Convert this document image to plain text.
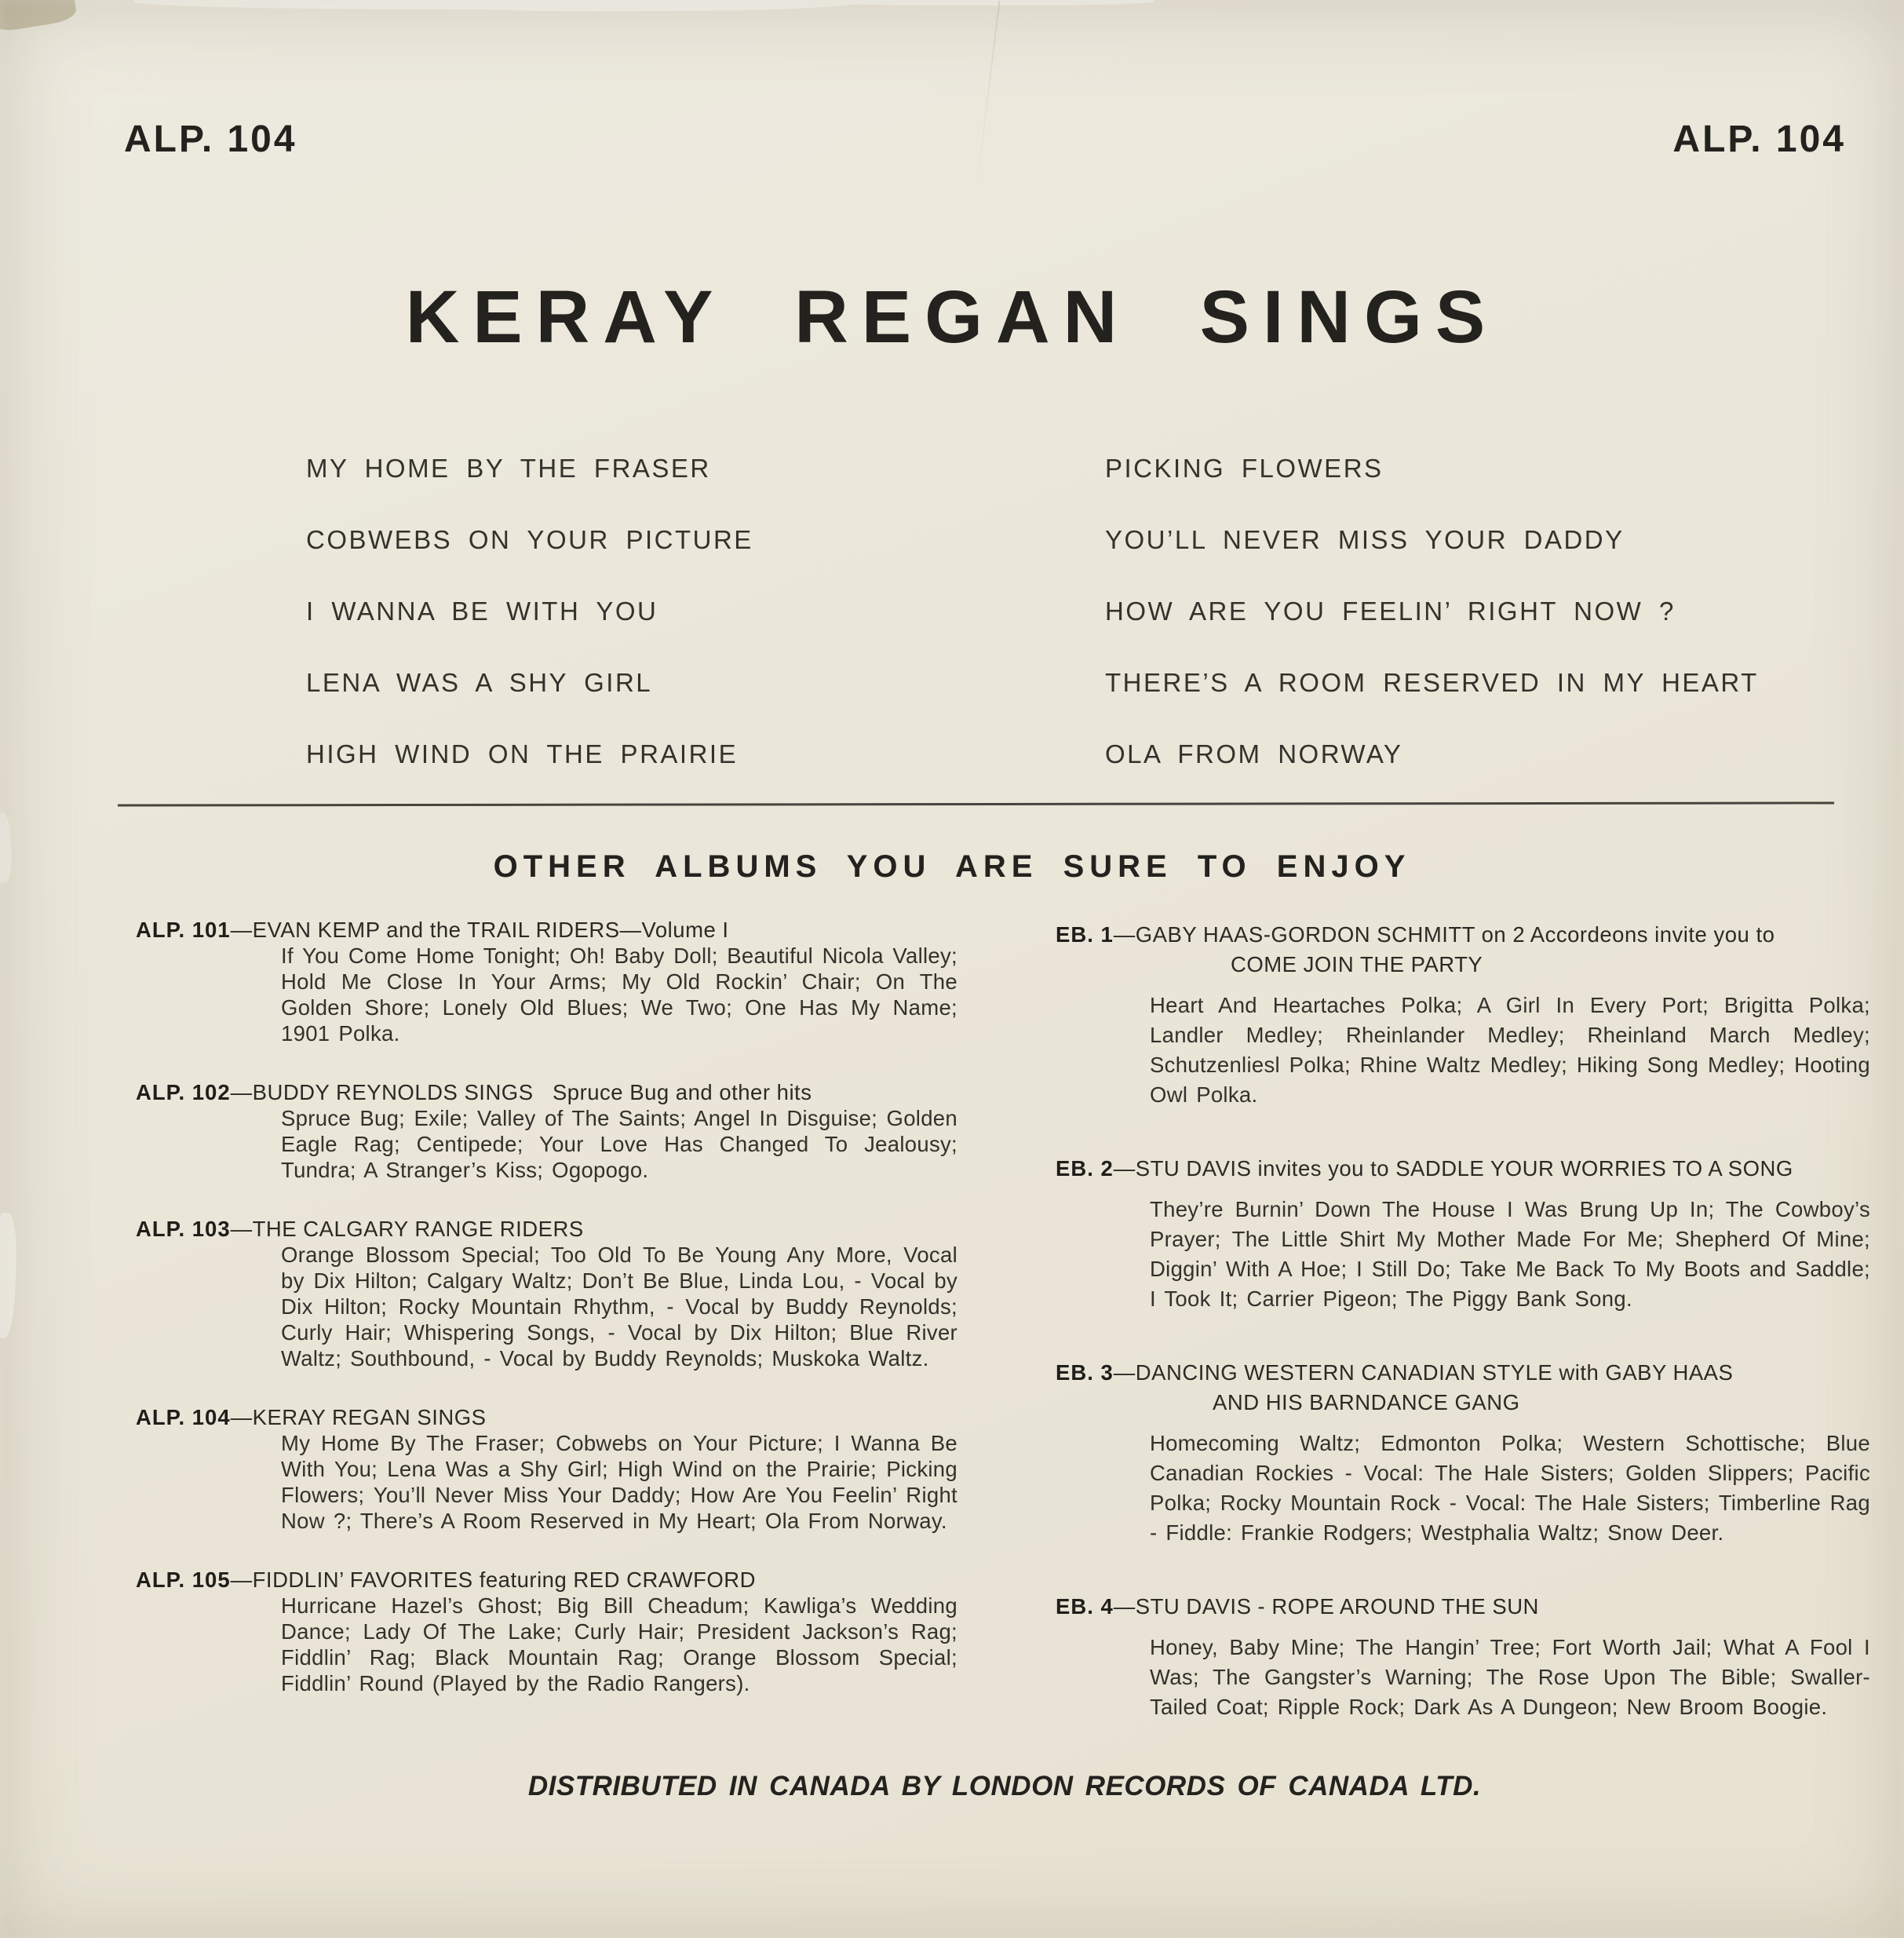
ALP. 104	ALP. 104
KERAY REGAN SINGS
MY HOME BY THE FRASER
COBWEBS ON YOUR PICTURE
I WANNA BE WITH YOU
LENA WAS A SHY GIRL
HIGH WIND ON THE PRAIRIE
PICKING FLOWERS
YOU’LL NEVER MISS YOUR DADDY
HOW ARE YOU FEELIN’ RIGHT NOW ?
THERE’S A ROOM RESERVED IN MY HEART
OLA FROM NORWAY
OTHER ALBUMS YOU ARE SURE TO ENJOY
ALP. 101—EVAN KEMP and the TRAIL RIDERS—Volume I
If You Come Home Tonight; Oh! Baby Doll; Beautiful Nicola Valley; Hold Me Close In Your Arms; My Old Rockin’ Chair; On The Golden Shore; Lonely Old Blues; We Two; One Has My Name; 1901 Polka.
ALP. 102—BUDDY REYNOLDS SINGS   Spruce Bug and other hits
Spruce Bug; Exile; Valley of The Saints; Angel In Disguise; Golden Eagle Rag; Centipede; Your Love Has Changed To Jealousy; Tundra; A Stranger’s Kiss; Ogopogo.
ALP. 103—THE CALGARY RANGE RIDERS
Orange Blossom Special; Too Old To Be Young Any More, Vocal by Dix Hilton; Calgary Waltz; Don’t Be Blue, Linda Lou, - Vocal by Dix Hilton; Rocky Mountain Rhythm, - Vocal by Buddy Reynolds; Curly Hair; Whispering Songs, - Vocal by Dix Hilton; Blue River Waltz; Southbound, - Vocal by Buddy Reynolds; Muskoka Waltz.
ALP. 104—KERAY REGAN SINGS
My Home By The Fraser; Cobwebs on Your Picture; I Wanna Be With You; Lena Was a Shy Girl; High Wind on the Prairie; Picking Flowers; You’ll Never Miss Your Daddy; How Are You Feelin’ Right Now ?; There’s A Room Reserved in My Heart; Ola From Norway.
ALP. 105—FIDDLIN’ FAVORITES featuring RED CRAWFORD
Hurricane Hazel’s Ghost; Big Bill Cheadum; Kawliga’s Wedding Dance; Lady Of The Lake; Curly Hair; President Jackson’s Rag; Fiddlin’ Rag; Black Mountain Rag; Orange Blossom Special; Fiddlin’ Round (Played by the Radio Rangers).
EB. 1—GABY HAAS-GORDON SCHMITT on 2 Accordeons invite you to
COME JOIN THE PARTY
Heart And Heartaches Polka; A Girl In Every Port; Brigitta Polka; Landler Medley; Rheinlander Medley; Rheinland March Medley; Schutzenliesl Polka; Rhine Waltz Medley; Hiking Song Medley; Hooting Owl Polka.
EB. 2—STU DAVIS invites you to SADDLE YOUR WORRIES TO A SONG
They’re Burnin’ Down The House I Was Brung Up In; The Cowboy’s Prayer; The Little Shirt My Mother Made For Me; Shepherd Of Mine; Diggin’ With A Hoe; I Still Do; Take Me Back To My Boots and Saddle; I Took It; Carrier Pigeon; The Piggy Bank Song.
EB. 3—DANCING WESTERN CANADIAN STYLE with GABY HAAS
AND HIS BARNDANCE GANG
Homecoming Waltz; Edmonton Polka; Western Schottische; Blue Canadian Rockies - Vocal: The Hale Sisters; Golden Slippers; Pacific Polka; Rocky Mountain Rock - Vocal: The Hale Sisters; Timberline Rag - Fiddle: Frankie Rodgers; Westphalia Waltz; Snow Deer.
EB. 4—STU DAVIS - ROPE AROUND THE SUN
Honey, Baby Mine; The Hangin’ Tree; Fort Worth Jail; What A Fool I Was; The Gangster’s Warning; The Rose Upon The Bible; Swaller-Tailed Coat; Ripple Rock; Dark As A Dungeon; New Broom Boogie.
DISTRIBUTED IN CANADA BY LONDON RECORDS OF CANADA LTD.
